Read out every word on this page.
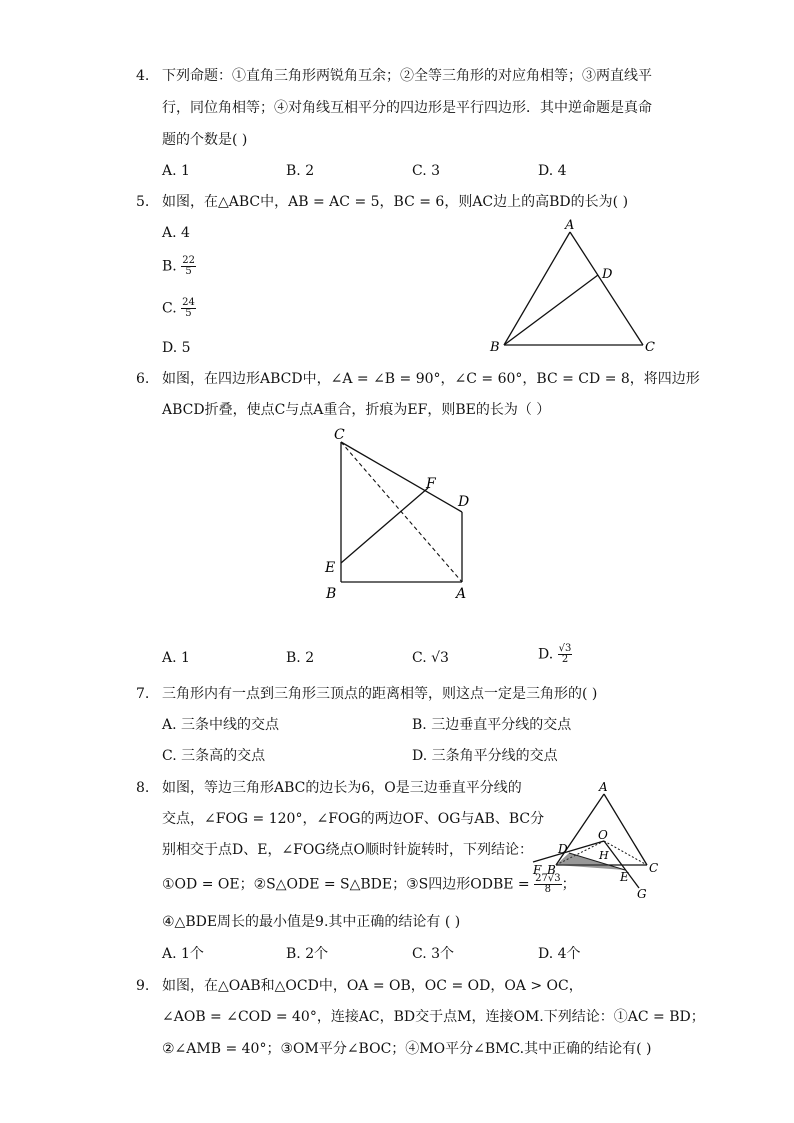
4. 下列命题：①直角三角形两锐角互余；②全等三角形的对应角相等；③两直线平
行，同位角相等；④对角线互相平分的四边形是平行四边形．其中逆命题是真命
题的个数是( )
A. 1	B. 2	C. 3	D. 4
5. 如图，在△ABC中，AB = AC = 5，BC = 6，则AC边上的高BD的长为( )
A. 4
B. $\frac{22}{5}$
C. $\frac{24}{5}$
D. 5
A
B	C
D
6. 如图，在四边形ABCD中，∠A = ∠B = 90°，∠C = 60°，BC = CD = 8，将四边形
ABCD折叠，使点C与点A重合，折痕为EF，则BE的长为（ ）
C
F
D
E
B	A
A. 1	B. 2	C. √3	D. $\frac{√3}{2}$
7. 三角形内有一点到三角形三顶点的距离相等，则这点一定是三角形的( )
A. 三条中线的交点	B. 三边垂直平分线的交点
C. 三条高的交点	D. 三条角平分线的交点
8. 如图，等边三角形ABC的边长为6，O是三边垂直平分线的
交点，∠FOG = 120°，∠FOG的两边OF、OG与AB、BC分
别相交于点D、E，∠FOG绕点O顺时针旋转时，下列结论：
①OD = OE；②S△ODE = S△BDE；③S四边形ODBE = $\frac{27√3}{8}$ ；
④△BDE周长的最小值是9.其中正确的结论有 ( )
A. 1个	B. 2个	C. 3个	D. 4个
A
O
D	H
F B	C
E
G
9. 如图，在△OAB和△OCD中，OA = OB，OC = OD，OA > OC，
∠AOB = ∠COD = 40°，连接AC，BD交于点M，连接OM.下列结论：①AC = BD；
②∠AMB = 40°；③OM平分∠BOC；④MO平分∠BMC.其中正确的结论有( )
